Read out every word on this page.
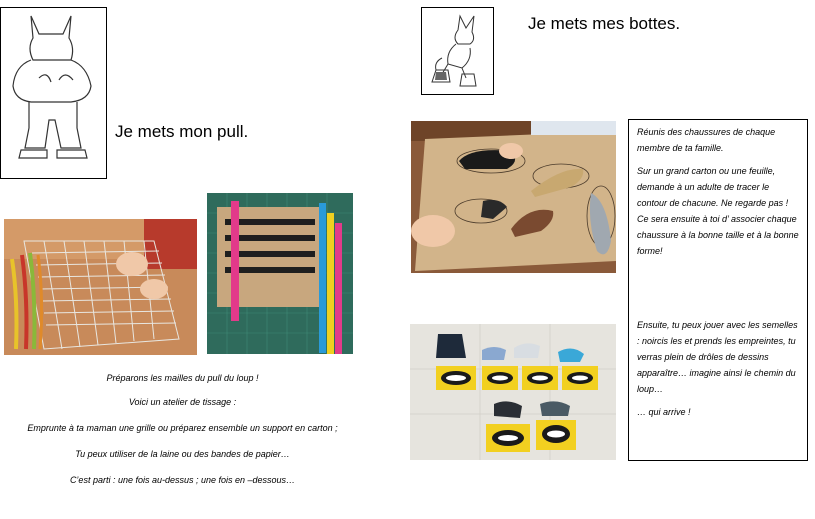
Je mets mon pull.
Préparons les mailles du pull du loup !
Voici un atelier de tissage :
Emprunte à ta maman une grille ou préparez ensemble un support en carton ;
Tu peux utiliser de la laine ou des bandes de papier…
C’est parti : une fois au-dessus ; une fois en –dessous…
Je mets mes bottes.

Réunis des chaussures de chaque membre de ta famille.

Sur un grand carton ou une feuille, demande à un adulte de tracer le contour de chacune. Ne regarde pas ! Ce sera ensuite à toi d’ associer chaque chaussure à la bonne taille et à la bonne forme!

Ensuite, tu peux jouer avec les semelles : noircis les et prends les empreintes, tu verras plein de drôles de dessins apparaître… imagine ainsi le chemin du loup…

… qui arrive !
